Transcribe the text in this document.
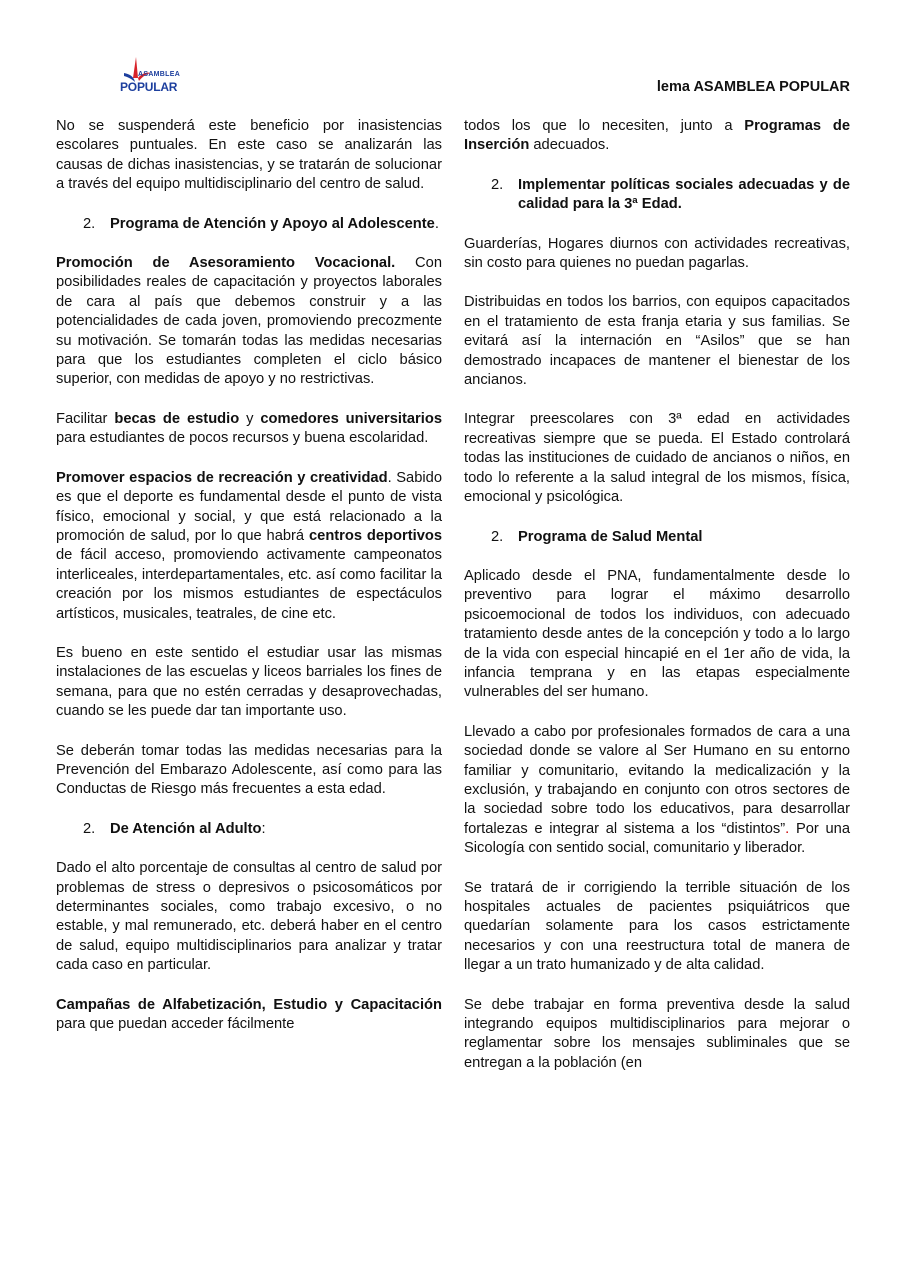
ASAMBLEA
POPULAR	lema ASAMBLEA POPULAR

No se suspenderá este beneficio por inasistencias escolares puntuales. En este caso se analizarán las causas de dichas inasistencias, y se tratarán de solucionar a través del equipo multidisciplinario del centro de salud.

2. Programa de Atención y Apoyo al Adolescente.

Promoción de Asesoramiento Vocacional. Con posibilidades reales de capacitación y proyectos laborales de cara al país que debemos construir y a las potencialidades de cada joven, promoviendo precozmente su motivación. Se tomarán todas las medidas necesarias para que los estudiantes completen el ciclo básico superior, con medidas de apoyo y no restrictivas.

Facilitar becas de estudio y comedores universitarios para estudiantes de pocos recursos y buena escolaridad.

Promover espacios de recreación y creatividad. Sabido es que el deporte es fundamental desde el punto de vista físico, emocional y social, y que está relacionado a la promoción de salud, por lo que habrá centros deportivos de fácil acceso, promoviendo activamente campeonatos interliceales, interdepartamentales, etc. así como facilitar la creación por los mismos estudiantes de espectáculos artísticos, musicales, teatrales, de cine etc.

Es bueno en este sentido el estudiar usar las mismas instalaciones de las escuelas y liceos barriales los fines de semana, para que no estén cerradas y desaprovechadas, cuando se les puede dar tan importante uso.

Se deberán tomar todas las medidas necesarias para la Prevención del Embarazo Adolescente, así como para las Conductas de Riesgo más frecuentes a esta edad.

2. De Atención al Adulto:

Dado el alto porcentaje de consultas al centro de salud por problemas de stress o depresivos o psicosomáticos por determinantes sociales, como trabajo excesivo, o no estable, y mal remunerado, etc. deberá haber en el centro de salud, equipo multidisciplinarios para analizar y tratar cada caso en particular.

Campañas de Alfabetización, Estudio y Capacitación para que puedan acceder fácilmente

todos los que lo necesiten, junto a Programas de Inserción adecuados.

2. Implementar políticas sociales adecuadas y de calidad para la 3ª Edad.

Guarderías, Hogares diurnos con actividades recreativas, sin costo para quienes no puedan pagarlas.

Distribuidas en todos los barrios, con equipos capacitados en el tratamiento de esta franja etaria y sus familias. Se evitará así la internación en “Asilos” que se han demostrado incapaces de mantener el bienestar de los ancianos.

Integrar preescolares con 3ª edad en actividades recreativas siempre que se pueda. El Estado controlará todas las instituciones de cuidado de ancianos o niños, en todo lo referente a la salud integral de los mismos, física, emocional y psicológica.

2. Programa de Salud Mental

Aplicado desde el PNA, fundamentalmente desde lo preventivo para lograr el máximo desarrollo psicoemocional de todos los individuos, con adecuado tratamiento desde antes de la concepción y todo a lo largo de la vida con especial hincapié en el 1er año de vida, la infancia temprana y en las etapas especialmente vulnerables del ser humano.

Llevado a cabo por profesionales formados de cara a una sociedad donde se valore al Ser Humano en su entorno familiar y comunitario, evitando la medicalización y la exclusión, y trabajando en conjunto con otros sectores de la sociedad sobre todo los educativos, para desarrollar fortalezas e integrar al sistema a los “distintos”. Por una Sicología con sentido social, comunitario y liberador.

Se tratará de ir corrigiendo la terrible situación de los hospitales actuales de pacientes psiquiátricos que quedarían solamente para los casos estrictamente necesarios y con una reestructura total de manera de llegar a un trato humanizado y de alta calidad.

Se debe trabajar en forma preventiva desde la salud integrando equipos multidisciplinarios para mejorar o reglamentar sobre los mensajes subliminales que se entregan a la población (en
